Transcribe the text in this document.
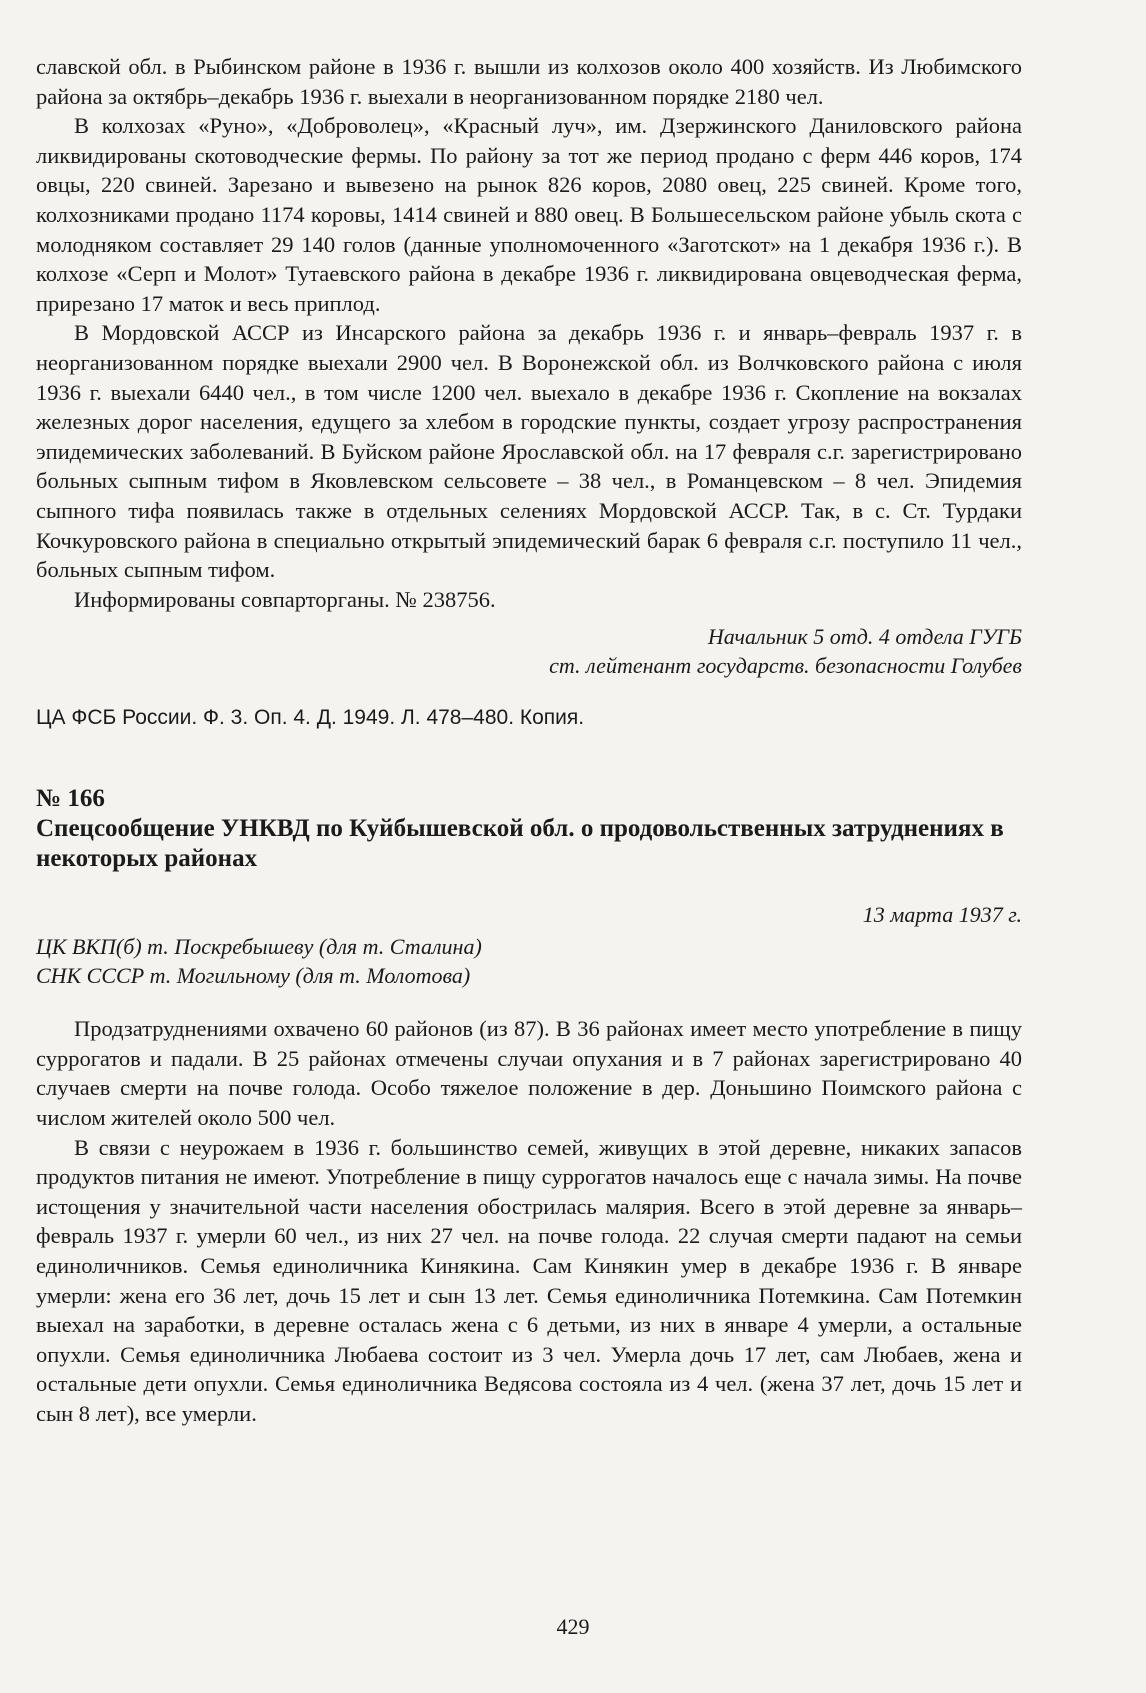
славской обл. в Рыбинском районе в 1936 г. вышли из колхозов около 400 хозяйств. Из Любимского района за октябрь–декабрь 1936 г. выехали в неорганизованном порядке 2180 чел.

В колхозах «Руно», «Доброволец», «Красный луч», им. Дзержинского Даниловского района ликвидированы скотоводческие фермы. По району за тот же период продано с ферм 446 коров, 174 овцы, 220 свиней. Зарезано и вывезено на рынок 826 коров, 2080 овец, 225 свиней. Кроме того, колхозниками продано 1174 коровы, 1414 свиней и 880 овец. В Большесельском районе убыль скота с молодняком составляет 29 140 голов (данные уполномоченного «Заготскот» на 1 декабря 1936 г.). В колхозе «Серп и Молот» Тутаевского района в декабре 1936 г. ликвидирована овцеводческая ферма, прирезано 17 маток и весь приплод.

В Мордовской АССР из Инсарского района за декабрь 1936 г. и январь–февраль 1937 г. в неорганизованном порядке выехали 2900 чел. В Воронежской обл. из Волчковского района с июля 1936 г. выехали 6440 чел., в том числе 1200 чел. выехало в декабре 1936 г. Скопление на вокзалах железных дорог населения, едущего за хлебом в городские пункты, создает угрозу распространения эпидемических заболеваний. В Буйском районе Ярославской обл. на 17 февраля с.г. зарегистрировано больных сыпным тифом в Яковлевском сельсовете – 38 чел., в Романцевском – 8 чел. Эпидемия сыпного тифа появилась также в отдельных селениях Мордовской АССР. Так, в с. Ст. Турдаки Кочкуровского района в специально открытый эпидемический барак 6 февраля с.г. поступило 11 чел., больных сыпным тифом.

Информированы совпарторганы. № 238756.

Начальник 5 отд. 4 отдела ГУГБ
ст. лейтенант государств. безопасности Голубев

ЦА ФСБ России. Ф. 3. Оп. 4. Д. 1949. Л. 478–480. Копия.

№ 166
Спецсообщение УНКВД по Куйбышевской обл. о продовольственных затруднениях в некоторых районах
13 марта 1937 г.
ЦК ВКП(б) т. Поскребышеву (для т. Сталина)
СНК СССР т. Могильному (для т. Молотова)

Продзатруднениями охвачено 60 районов (из 87). В 36 районах имеет место употребление в пищу суррогатов и падали. В 25 районах отмечены случаи опухания и в 7 районах зарегистрировано 40 случаев смерти на почве голода. Особо тяжелое положение в дер. Доньшино Поимского района с числом жителей около 500 чел.

В связи с неурожаем в 1936 г. большинство семей, живущих в этой деревне, никаких запасов продуктов питания не имеют. Употребление в пищу суррогатов началось еще с начала зимы. На почве истощения у значительной части населения обострилась малярия. Всего в этой деревне за январь–февраль 1937 г. умерли 60 чел., из них 27 чел. на почве голода. 22 случая смерти падают на семьи единоличников. Семья единоличника Кинякина. Сам Кинякин умер в декабре 1936 г. В январе умерли: жена его 36 лет, дочь 15 лет и сын 13 лет. Семья единоличника Потемкина. Сам Потемкин выехал на заработки, в деревне осталась жена с 6 детьми, из них в январе 4 умерли, а остальные опухли. Семья единоличника Любаева состоит из 3 чел. Умерла дочь 17 лет, сам Любаев, жена и остальные дети опухли. Семья единоличника Ведясова состояла из 4 чел. (жена 37 лет, дочь 15 лет и сын 8 лет), все умерли.

429
